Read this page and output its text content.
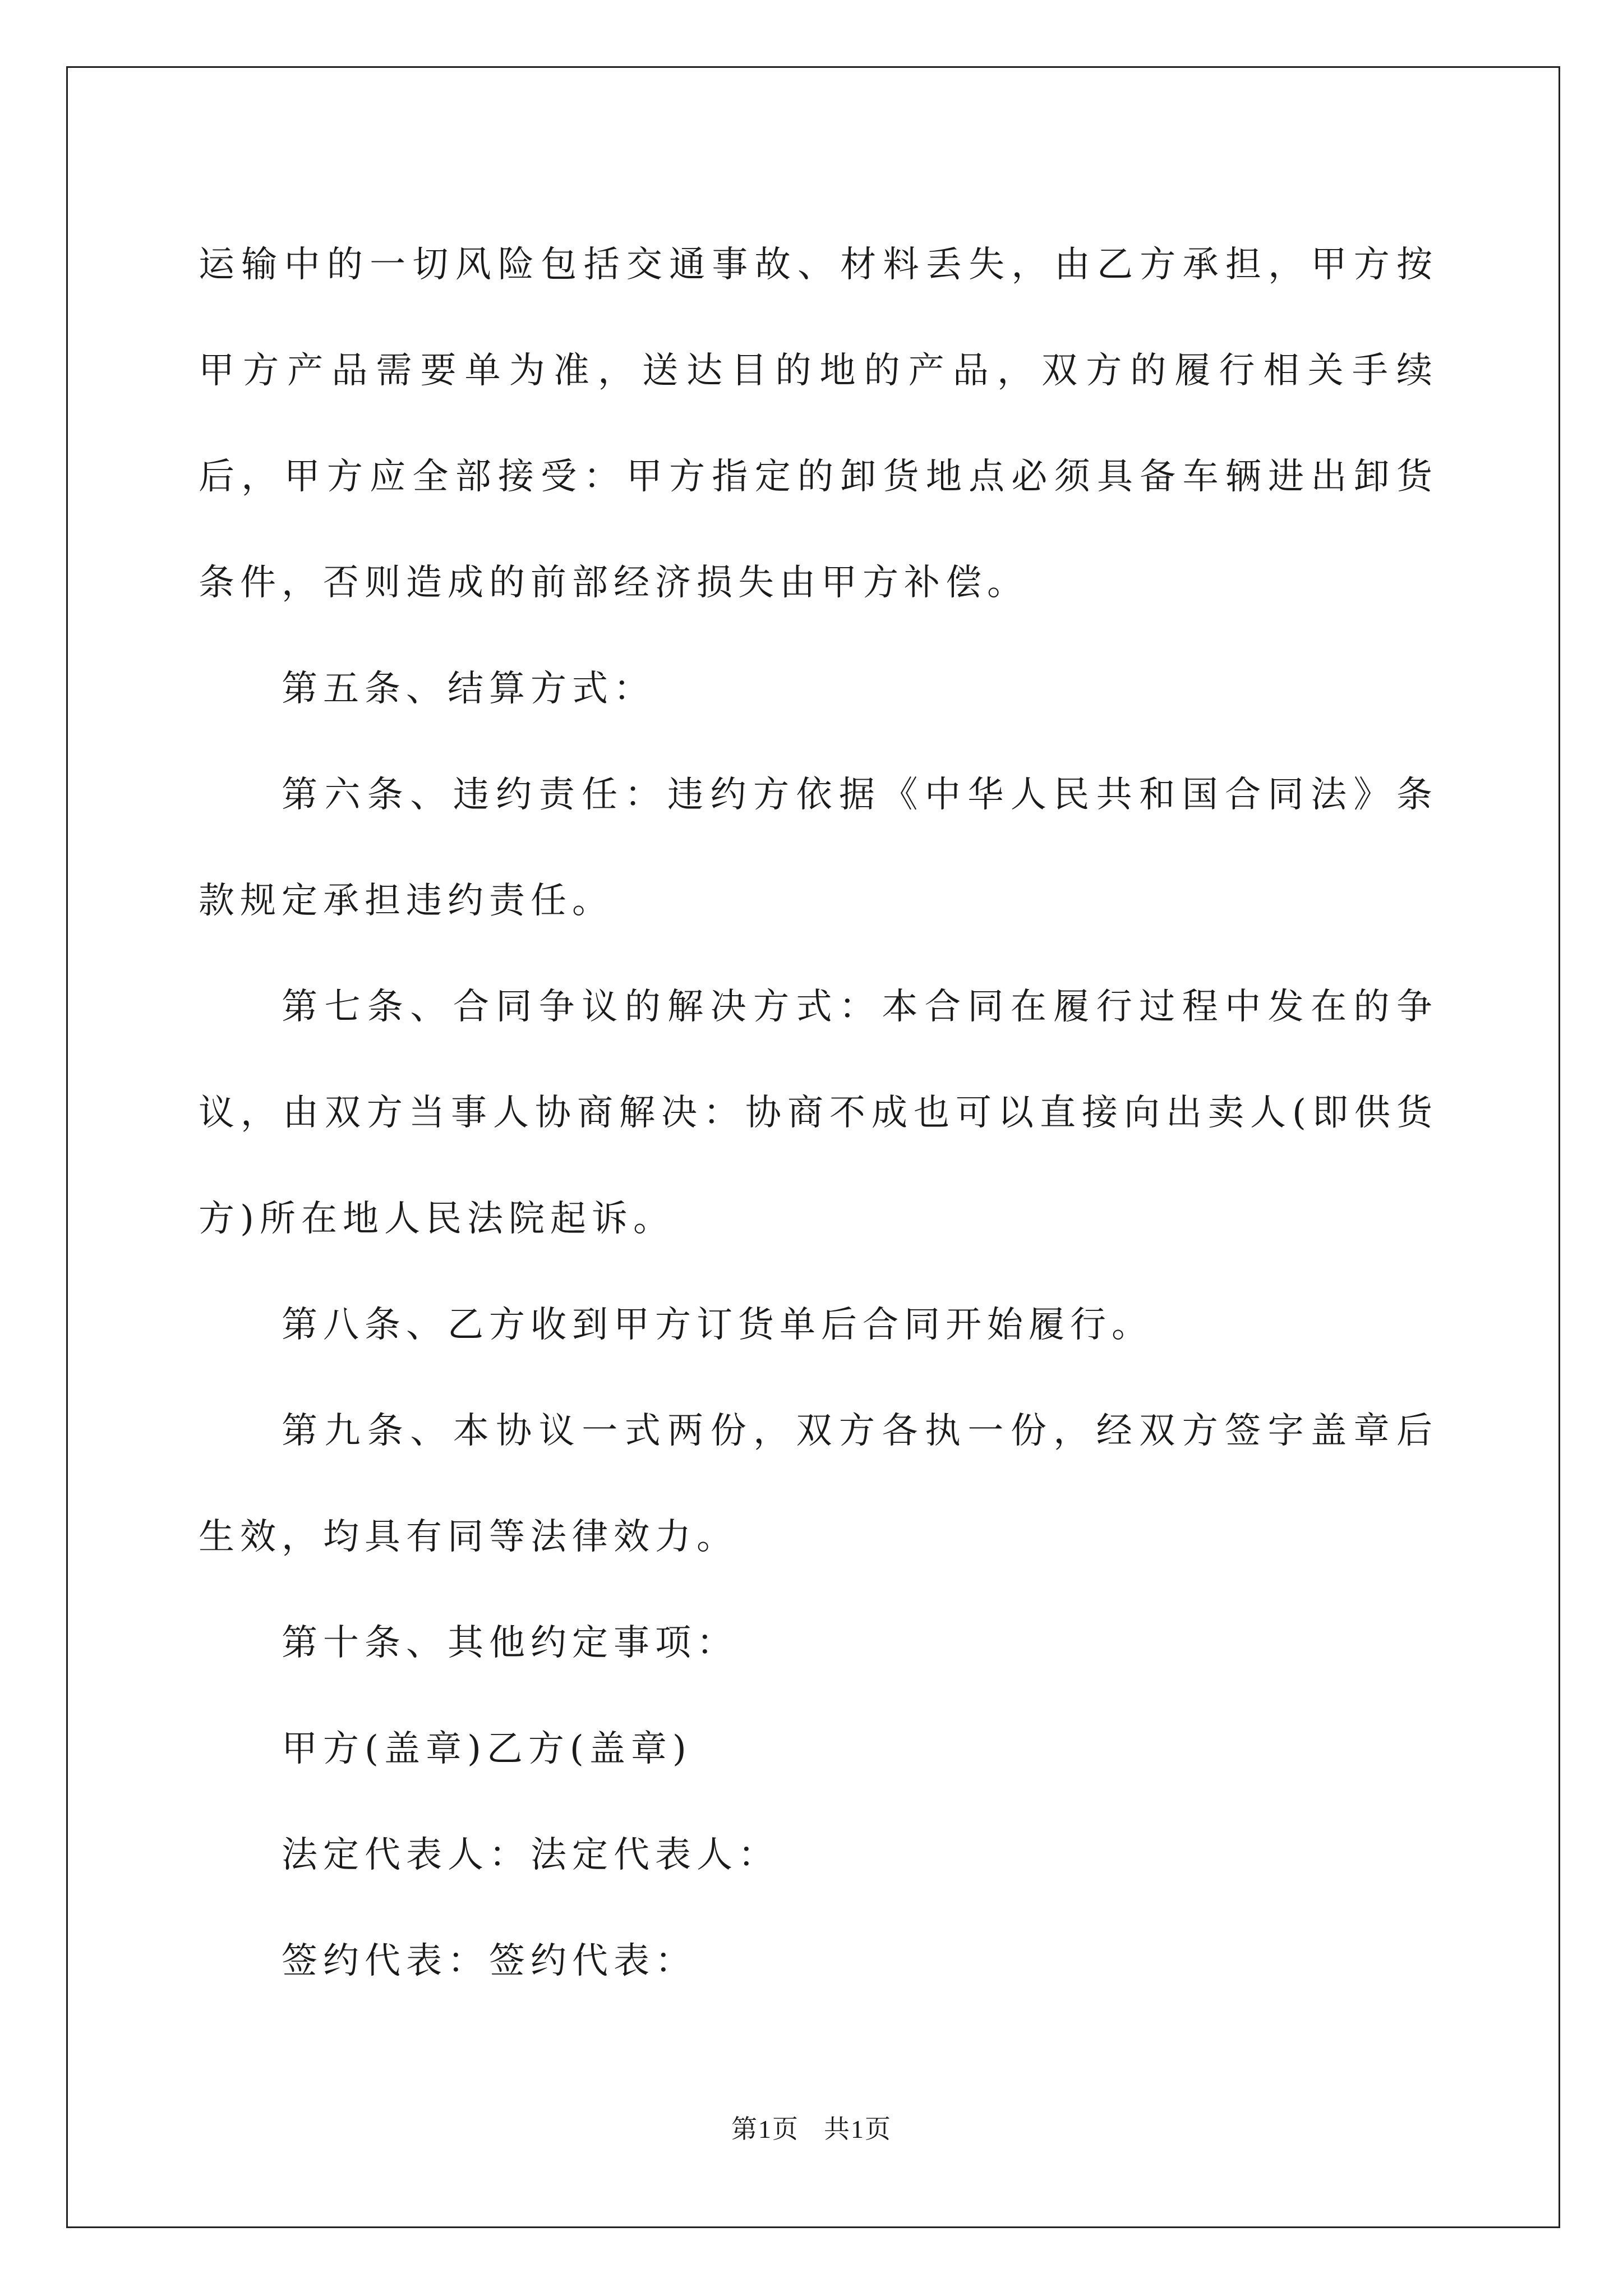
运输中的一切风险包括交通事故、材料丢失，由乙方承担，甲方按甲方产品需要单为准，送达目的地的产品，双方的履行相关手续后，甲方应全部接受：甲方指定的卸货地点必须具备车辆进出卸货条件，否则造成的前部经济损失由甲方补偿。

第五条、结算方式：

第六条、违约责任：违约方依据《中华人民共和国合同法》条款规定承担违约责任。

第七条、合同争议的解决方式：本合同在履行过程中发在的争议，由双方当事人协商解决：协商不成也可以直接向出卖人(即供货方)所在地人民法院起诉。

第八条、乙方收到甲方订货单后合同开始履行。

第九条、本协议一式两份，双方各执一份，经双方签字盖章后生效，均具有同等法律效力。

第十条、其他约定事项：

甲方(盖章)乙方(盖章)

法定代表人：法定代表人：

签约代表：签约代表：

第1页 共1页
